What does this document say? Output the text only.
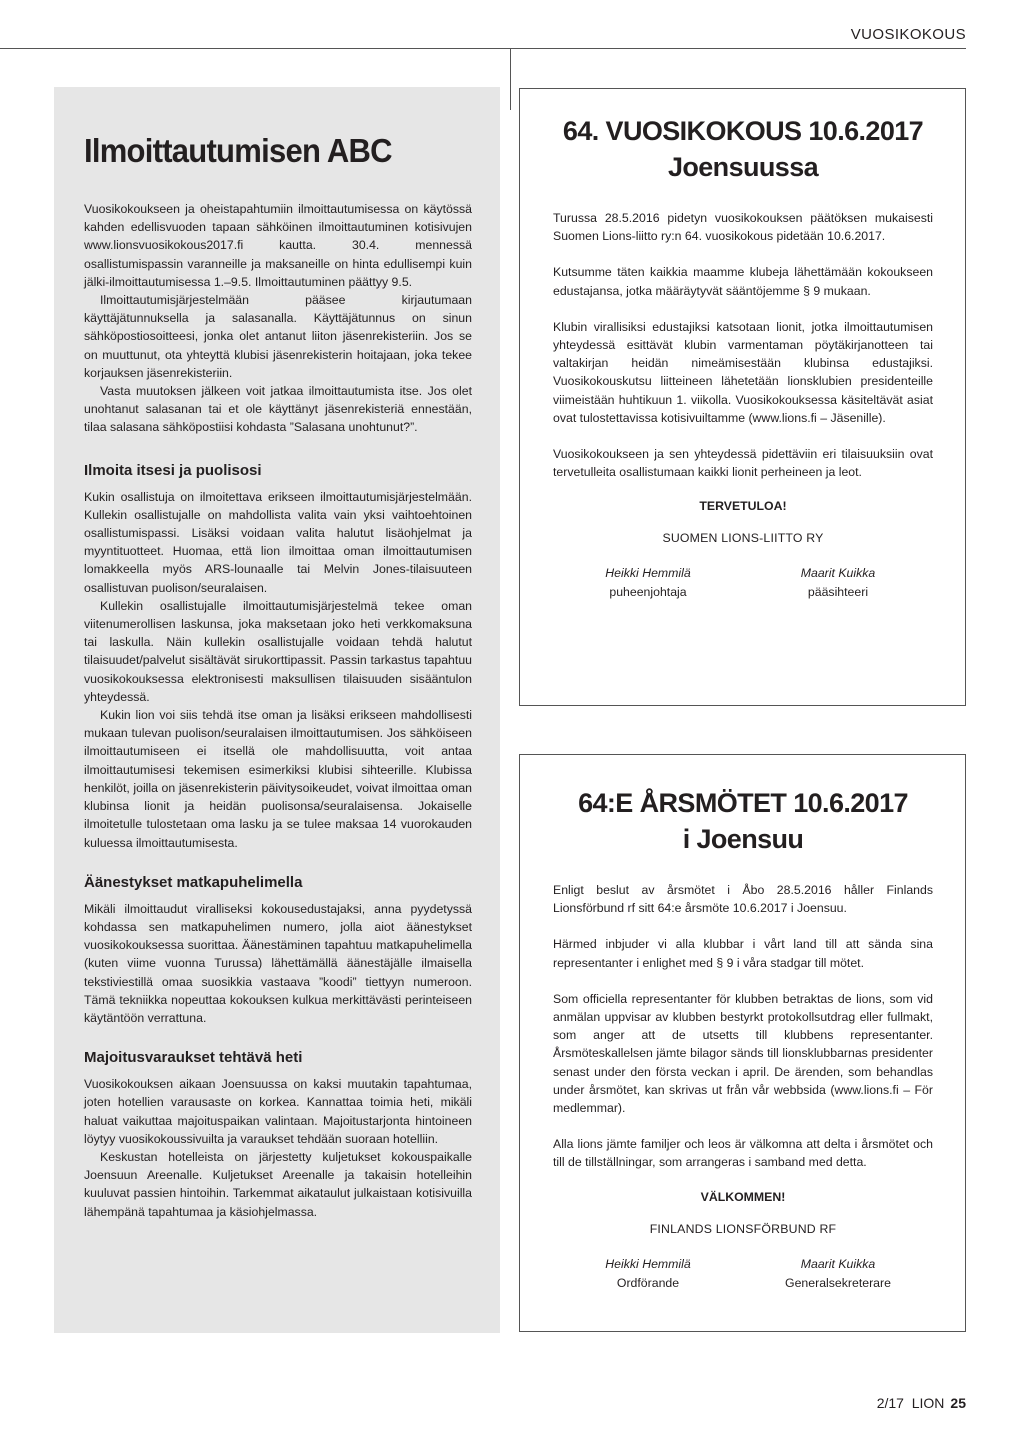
VUOSIKOKOUS
Ilmoittautumisen ABC

Vuosikokoukseen ja oheistapahtumiin ilmoittautumisessa on käytössä kahden edellisvuoden tapaan sähköinen ilmoittautuminen kotisivujen www.lionsvuosikokous2017.fi kautta. 30.4. mennessä osallistumispassin varanneille ja maksaneille on hinta edullisempi kuin jälki-ilmoittautumisessa 1.–9.5. Ilmoittautuminen päättyy 9.5.

Ilmoittautumisjärjestelmään pääsee kirjautumaan käyttäjätunnuksella ja salasanalla. Käyttäjätunnus on sinun sähköpostiosoitteesi, jonka olet antanut liiton jäsenrekisteriin. Jos se on muuttunut, ota yhteyttä klubisi jäsenrekisterin hoitajaan, joka tekee korjauksen jäsenrekisteriin.

Vasta muutoksen jälkeen voit jatkaa ilmoittautumista itse. Jos olet unohtanut salasanan tai et ole käyttänyt jäsenrekisteriä ennestään, tilaa salasana sähköpostiisi kohdasta ”Salasana unohtunut?”.

Ilmoita itsesi ja puolisosi

Kukin osallistuja on ilmoitettava erikseen ilmoittautumisjärjestelmään. Kullekin osallistujalle on mahdollista valita vain yksi vaihtoehtoinen osallistumispassi. Lisäksi voidaan valita halutut lisäohjelmat ja myyntituotteet. Huomaa, että lion ilmoittaa oman ilmoittautumisen lomakkeella myös ARS-lounaalle tai Melvin Jones-tilaisuuteen osallistuvan puolison/seuralaisen.

Kullekin osallistujalle ilmoittautumisjärjestelmä tekee oman viitenumerollisen laskunsa, joka maksetaan joko heti verkkomaksuna tai laskulla. Näin kullekin osallistujalle voidaan tehdä halutut tilaisuudet/palvelut sisältävät sirukorttipassit. Passin tarkastus tapahtuu vuosikokouksessa elektronisesti maksullisen tilaisuuden sisääntulon yhteydessä.

Kukin lion voi siis tehdä itse oman ja lisäksi erikseen mahdollisesti mukaan tulevan puolison/seuralaisen ilmoittautumisen. Jos sähköiseen ilmoittautumiseen ei itsellä ole mahdollisuutta, voit antaa ilmoittautumisesi tekemisen esimerkiksi klubisi sihteerille. Klubissa henkilöt, joilla on jäsenrekisterin päivitysoikeudet, voivat ilmoittaa oman klubinsa lionit ja heidän puolisonsa/seuralaisensa. Jokaiselle ilmoitetulle tulostetaan oma lasku ja se tulee maksaa 14 vuorokauden kuluessa ilmoittautumisesta.

Äänestykset matkapuhelimella

Mikäli ilmoittaudut viralliseksi kokousedustajaksi, anna pyydetyssä kohdassa sen matkapuhelimen numero, jolla aiot äänestykset vuosikokouksessa suorittaa. Äänestäminen tapahtuu matkapuhelimella (kuten viime vuonna Turussa) lähettämällä äänestäjälle ilmaisella tekstiviestillä omaa suosikkia vastaava ”koodi” tiettyyn numeroon. Tämä tekniikka nopeuttaa kokouksen kulkua merkittävästi perinteiseen käytäntöön verrattuna.

Majoitusvaraukset tehtävä heti

Vuosikokouksen aikaan Joensuussa on kaksi muutakin tapahtumaa, joten hotellien varausaste on korkea. Kannattaa toimia heti, mikäli haluat vaikuttaa majoituspaikan valintaan. Majoitustarjonta hintoineen löytyy vuosikokoussivuilta ja varaukset tehdään suoraan hotelliin.

Keskustan hotelleista on järjestetty kuljetukset kokouspaikalle Joensuun Areenalle. Kuljetukset Areenalle ja takaisin hotelleihin kuuluvat passien hintoihin. Tarkemmat aikataulut julkaistaan kotisivuilla lähempänä tapahtumaa ja käsiohjelmassa.

64. VUOSIKOKOUS 10.6.2017
Joensuussa

Turussa 28.5.2016 pidetyn vuosikokouksen päätöksen mukaisesti Suomen Lions-liitto ry:n 64. vuosikokous pidetään 10.6.2017.

Kutsumme täten kaikkia maamme klubeja lähettämään kokoukseen edustajansa, jotka määräytyvät sääntöjemme § 9 mukaan.

Klubin virallisiksi edustajiksi katsotaan lionit, jotka ilmoittautumisen yhteydessä esittävät klubin varmentaman pöytäkirjanotteen tai valtakirjan heidän nimeämisestään klubinsa edustajiksi. Vuosikokouskutsu liitteineen lähetetään lionsklubien presidenteille viimeistään huhtikuun 1. viikolla. Vuosikokouksessa käsiteltävät asiat ovat tulostettavissa kotisivuiltamme (www.lions.fi – Jäsenille).

Vuosikokoukseen ja sen yhteydessä pidettäviin eri tilaisuuksiin ovat tervetulleita osallistumaan kaikki lionit perheineen ja leot.

TERVETULOA!

SUOMEN LIONS-LIITTO RY

Heikki Hemmilä
puheenjohtaja
Maarit Kuikka
pääsihteeri
64:E ÅRSMÖTET 10.6.2017
i Joensuu

Enligt beslut av årsmötet i Åbo 28.5.2016 håller Finlands Lionsförbund rf sitt 64:e årsmöte 10.6.2017 i Joensuu.

Härmed inbjuder vi alla klubbar i vårt land till att sända sina representanter i enlighet med § 9 i våra stadgar till mötet.

Som officiella representanter för klubben betraktas de lions, som vid anmälan uppvisar av klubben bestyrkt protokollsutdrag eller fullmakt, som anger att de utsetts till klubbens representanter. Årsmöteskallelsen jämte bilagor sänds till lionsklubbarnas presidenter senast under den första veckan i april. De ärenden, som behandlas under årsmötet, kan skrivas ut från vår webbsida (www.lions.fi – För medlemmar).

Alla lions jämte familjer och leos är välkomna att delta i årsmötet och till de tillställningar, som arrangeras i samband med detta.

VÄLKOMMEN!

FINLANDS LIONSFÖRBUND RF

Heikki Hemmilä
Ordförande
Maarit Kuikka
Generalsekreterare
2/17  LION 25
